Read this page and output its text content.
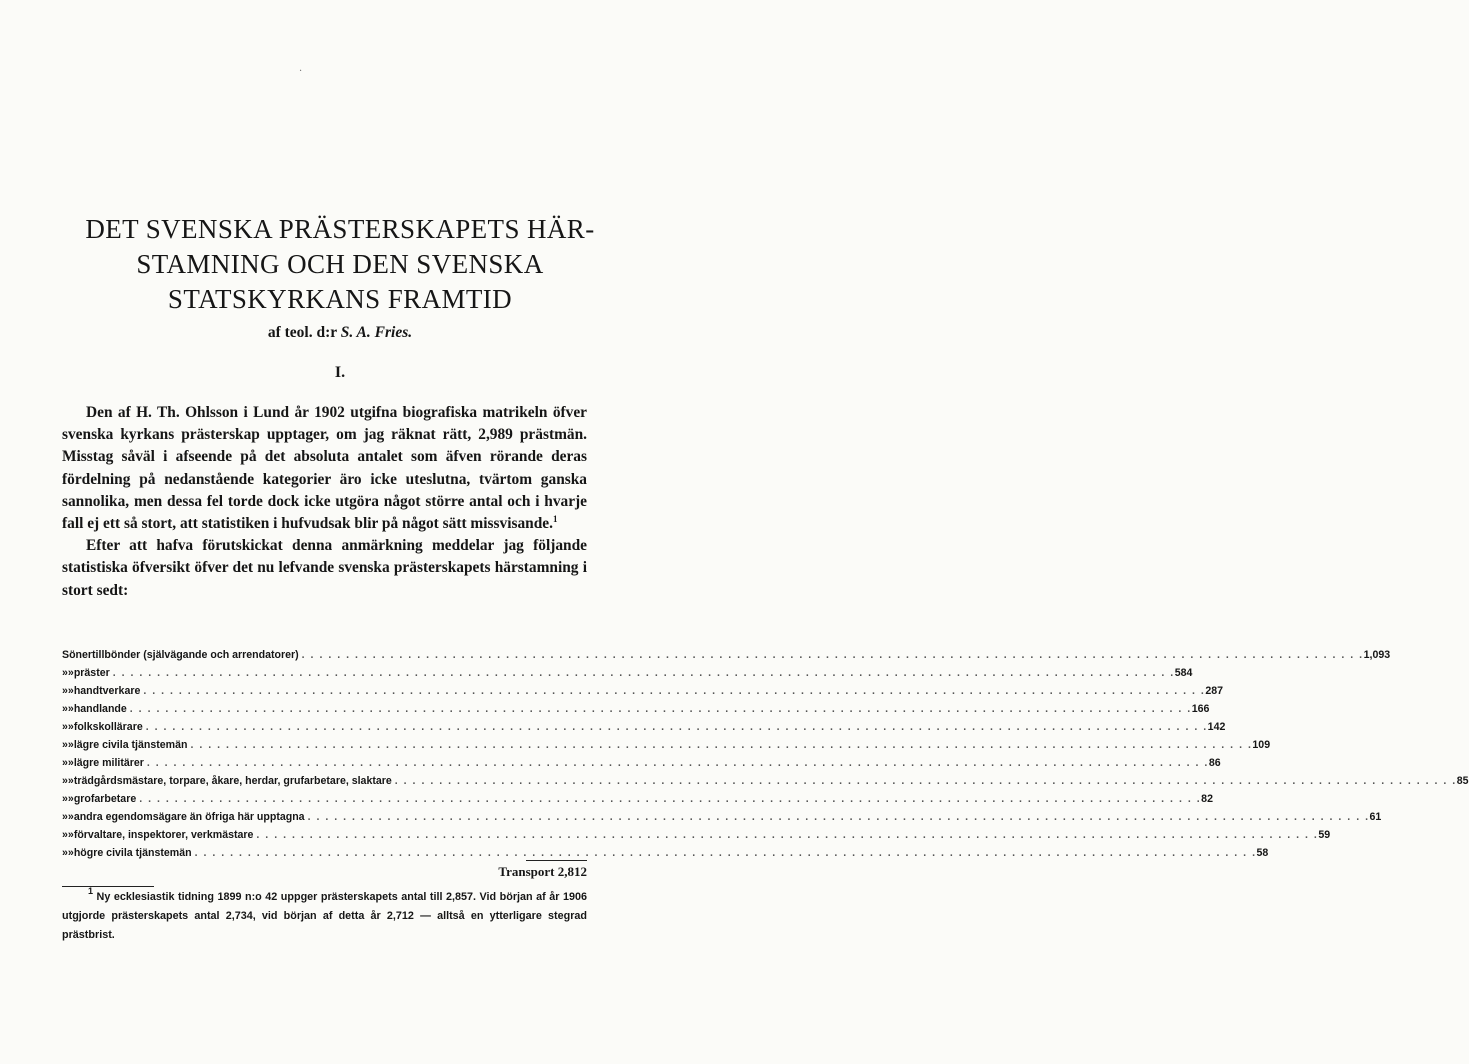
·
DET SVENSKA PRÄSTERSKAPETS HÄR-
STAMNING OCH DEN SVENSKA
STATSKYRKANS FRAMTID
af teol. d:r S. A. Fries.
I.

Den af H. Th. Ohlsson i Lund år 1902 utgifna biografiska matrikeln öfver svenska kyrkans prästerskap upptager, om jag räknat rätt, 2,989 prästmän. Misstag såväl i afseende på det absoluta antalet som äfven rörande deras fördelning på nedanstående kategorier äro icke uteslutna, tvärtom ganska sannolika, men dessa fel torde dock icke utgöra något större antal och i hvarje fall ej ett så stort, att statistiken i hufvudsak blir på något sätt missvisande.$^1$

Efter att hafva förutskickat denna anmärkning meddelar jag följande statistiska öfversikt öfver det nu lefvande svenska prästerskapets härstamning i stort sedt:

Söner till bönder (självägande och arrendatorer) . . . . . . . . . . . . . . . . . . . . . . . . . . . . . . . . . . . . . . . . . . . . . . . . . . . . . . . . . . . . . . . . . . . . . . . . . . . . . . . . . . . . . . . . . . . . . . . . . . . . . . . . . . . . . . . . . . . . . . . . 1,093
» » präster . . . . . . . . . . . . . . . . . . . . . . . . . . . . . . . . . . . . . . . . . . . . . . . . . . . . . . . . . . . . . . . . . . . . . . . . . . . . . . . . . . . . . . . . . . . . . . . . . . . . . . . . . . . . . . . . . . . . . . . . 584
» » handtverkare . . . . . . . . . . . . . . . . . . . . . . . . . . . . . . . . . . . . . . . . . . . . . . . . . . . . . . . . . . . . . . . . . . . . . . . . . . . . . . . . . . . . . . . . . . . . . . . . . . . . . . . . . . . . . . . . . . . . . . . . 287
» » handlande . . . . . . . . . . . . . . . . . . . . . . . . . . . . . . . . . . . . . . . . . . . . . . . . . . . . . . . . . . . . . . . . . . . . . . . . . . . . . . . . . . . . . . . . . . . . . . . . . . . . . . . . . . . . . . . . . . . . . . . . 166
» » folkskollärare . . . . . . . . . . . . . . . . . . . . . . . . . . . . . . . . . . . . . . . . . . . . . . . . . . . . . . . . . . . . . . . . . . . . . . . . . . . . . . . . . . . . . . . . . . . . . . . . . . . . . . . . . . . . . . . . . . . . . . . . 142
» » lägre civila tjänstemän . . . . . . . . . . . . . . . . . . . . . . . . . . . . . . . . . . . . . . . . . . . . . . . . . . . . . . . . . . . . . . . . . . . . . . . . . . . . . . . . . . . . . . . . . . . . . . . . . . . . . . . . . . . . . . . . . . . . . . . . 109
» » lägre militärer . . . . . . . . . . . . . . . . . . . . . . . . . . . . . . . . . . . . . . . . . . . . . . . . . . . . . . . . . . . . . . . . . . . . . . . . . . . . . . . . . . . . . . . . . . . . . . . . . . . . . . . . . . . . . . . . . . . . . . . . 86
» » trädgårdsmästare, torpare, åkare, herdar, grufarbetare, slaktare . . . . . . . . . . . . . . . . . . . . . . . . . . . . . . . . . . . . . . . . . . . . . . . . . . . . . . . . . . . . . . . . . . . . . . . . . . . . . . . . . . . . . . . . . . . . . . . . . . . . . . . . . . . . . . . . . . . . . . . . 85
» » grofarbetare . . . . . . . . . . . . . . . . . . . . . . . . . . . . . . . . . . . . . . . . . . . . . . . . . . . . . . . . . . . . . . . . . . . . . . . . . . . . . . . . . . . . . . . . . . . . . . . . . . . . . . . . . . . . . . . . . . . . . . . . 82
» » andra egendomsägare än öfriga här upptagna . . . . . . . . . . . . . . . . . . . . . . . . . . . . . . . . . . . . . . . . . . . . . . . . . . . . . . . . . . . . . . . . . . . . . . . . . . . . . . . . . . . . . . . . . . . . . . . . . . . . . . . . . . . . . . . . . . . . . . . . 61
» » förvaltare, inspektorer, verkmästare . . . . . . . . . . . . . . . . . . . . . . . . . . . . . . . . . . . . . . . . . . . . . . . . . . . . . . . . . . . . . . . . . . . . . . . . . . . . . . . . . . . . . . . . . . . . . . . . . . . . . . . . . . . . . . . . . . . . . . . . 59
» » högre civila tjänstemän . . . . . . . . . . . . . . . . . . . . . . . . . . . . . . . . . . . . . . . . . . . . . . . . . . . . . . . . . . . . . . . . . . . . . . . . . . . . . . . . . . . . . . . . . . . . . . . . . . . . . . . . . . . . . . . . . . . . . . . . 58
Transport 2,812

$^1$ Ny ecklesiastik tidning 1899 n:o 42 uppger prästerskapets antal till 2,857. Vid början af år 1906 utgjorde prästerskapets antal 2,734, vid början af detta år 2,712 — alltså en ytterligare stegrad prästbrist.
